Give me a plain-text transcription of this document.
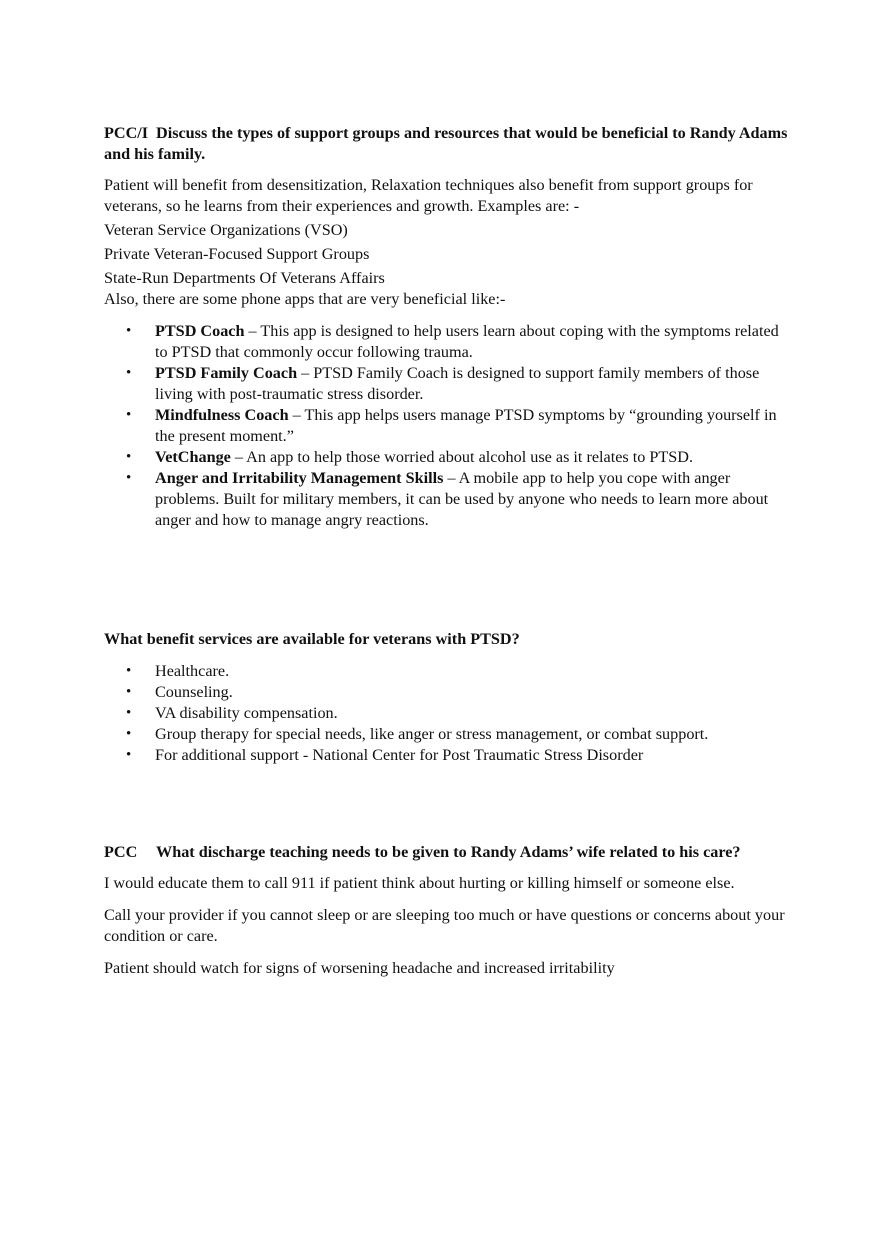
PCC/I Discuss the types of support groups and resources that would be beneficial to Randy Adams and his family.

Patient will benefit from desensitization, Relaxation techniques also benefit from support groups for veterans, so he learns from their experiences and growth. Examples are: -

Veteran Service Organizations (VSO)

Private Veteran-Focused Support Groups

State-Run Departments Of Veterans Affairs

Also, there are some phone apps that are very beneficial like:-

• PTSD Coach – This app is designed to help users learn about coping with the symptoms related to PTSD that commonly occur following trauma.
• PTSD Family Coach – PTSD Family Coach is designed to support family members of those living with post-traumatic stress disorder.
• Mindfulness Coach – This app helps users manage PTSD symptoms by “grounding yourself in the present moment.”
• VetChange – An app to help those worried about alcohol use as it relates to PTSD.
• Anger and Irritability Management Skills – A mobile app to help you cope with anger problems. Built for military members, it can be used by anyone who needs to learn more about anger and how to manage angry reactions.

What benefit services are available for veterans with PTSD?

• Healthcare.
• Counseling.
• VA disability compensation.
• Group therapy for special needs, like anger or stress management, or combat support.
• For additional support - National Center for Post Traumatic Stress Disorder

PCC What discharge teaching needs to be given to Randy Adams’ wife related to his care?

I would educate them to call 911 if patient think about hurting or killing himself or someone else.

Call your provider if you cannot sleep or are sleeping too much or have questions or concerns about your condition or care.

Patient should watch for signs of worsening headache and increased irritability
